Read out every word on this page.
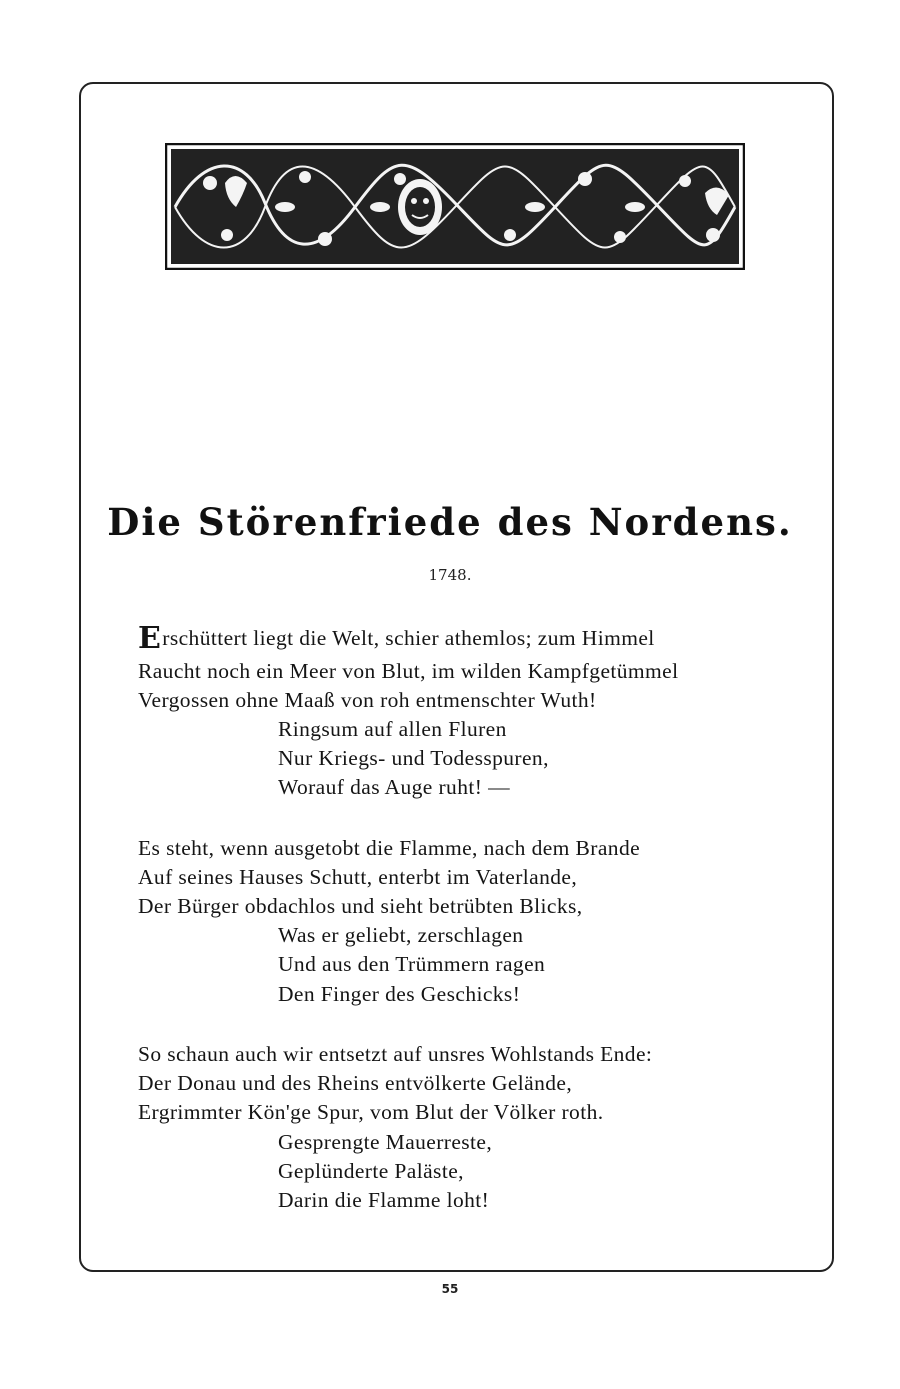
Die Störenfriede des Nordens.
1748.
Erschüttert liegt die Welt, schier athemlos; zum Himmel
Raucht noch ein Meer von Blut, im wilden Kampfgetümmel
Vergossen ohne Maaß von roh entmenschter Wuth!
Ringsum auf allen Fluren
Nur Kriegs- und Todesspuren,
Worauf das Auge ruht! —
Es steht, wenn ausgetobt die Flamme, nach dem Brande
Auf seines Hauses Schutt, enterbt im Vaterlande,
Der Bürger obdachlos und sieht betrübten Blicks,
Was er geliebt, zerschlagen
Und aus den Trümmern ragen
Den Finger des Geschicks!
So schaun auch wir entsetzt auf unsres Wohlstands Ende:
Der Donau und des Rheins entvölkerte Gelände,
Ergrimmter Kön'ge Spur, vom Blut der Völker roth.
Gesprengte Mauerreste,
Geplünderte Paläste,
Darin die Flamme loht!
55
